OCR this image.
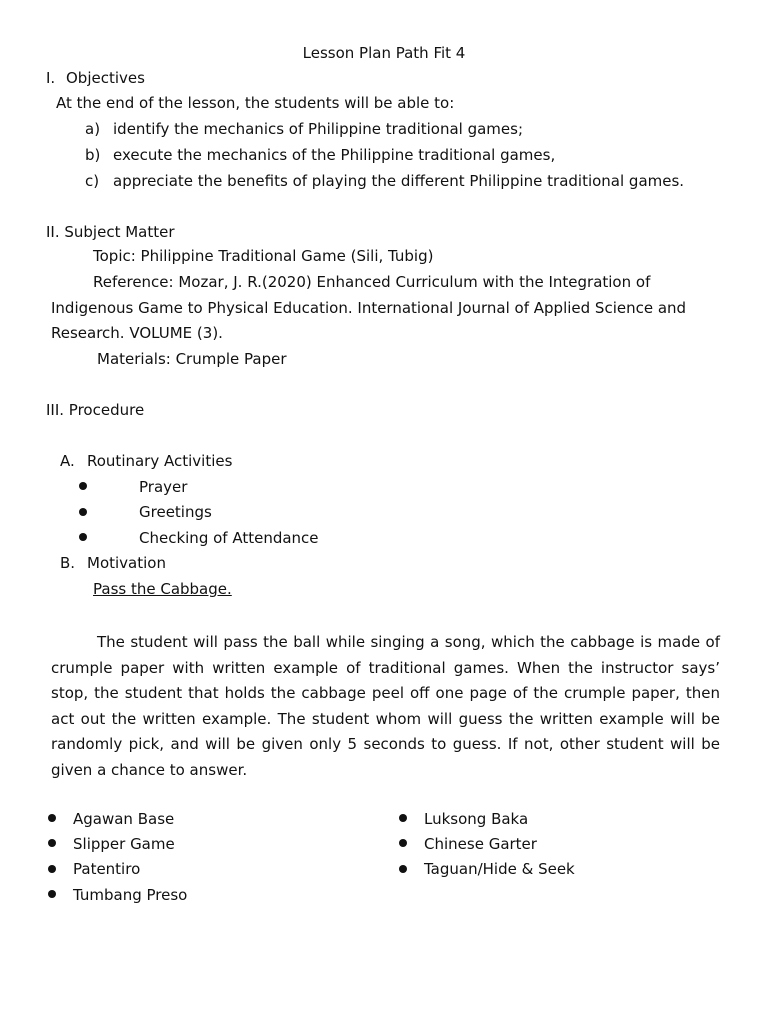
Lesson Plan Path Fit 4
I. Objectives
At the end of the lesson, the students will be able to:
a) identify the mechanics of Philippine traditional games;
b) execute the mechanics of the Philippine traditional games,
c) appreciate the benefits of playing the different Philippine traditional games.
II. Subject Matter
Topic: Philippine Traditional Game (Sili, Tubig)
Reference: Mozar, J. R.(2020) Enhanced Curriculum with the Integration of
Indigenous Game to Physical Education. International Journal of Applied Science and
Research. VOLUME (3).
Materials: Crumple Paper
III. Procedure
A. Routinary Activities
Prayer
Greetings
Checking of Attendance
B. Motivation
Pass the Cabbage.

The student will pass the ball while singing a song, which the cabbage is made of crumple paper with written example of traditional games. When the instructor says’ stop, the student that holds the cabbage peel off one page of the crumple paper, then act out the written example. The student whom will guess the written example will be randomly pick, and will be given only 5 seconds to guess. If not, other student will be given a chance to answer.

Agawan Base
Slipper Game
Patentiro
Tumbang Preso
Luksong Baka
Chinese Garter
Taguan/Hide & Seek
